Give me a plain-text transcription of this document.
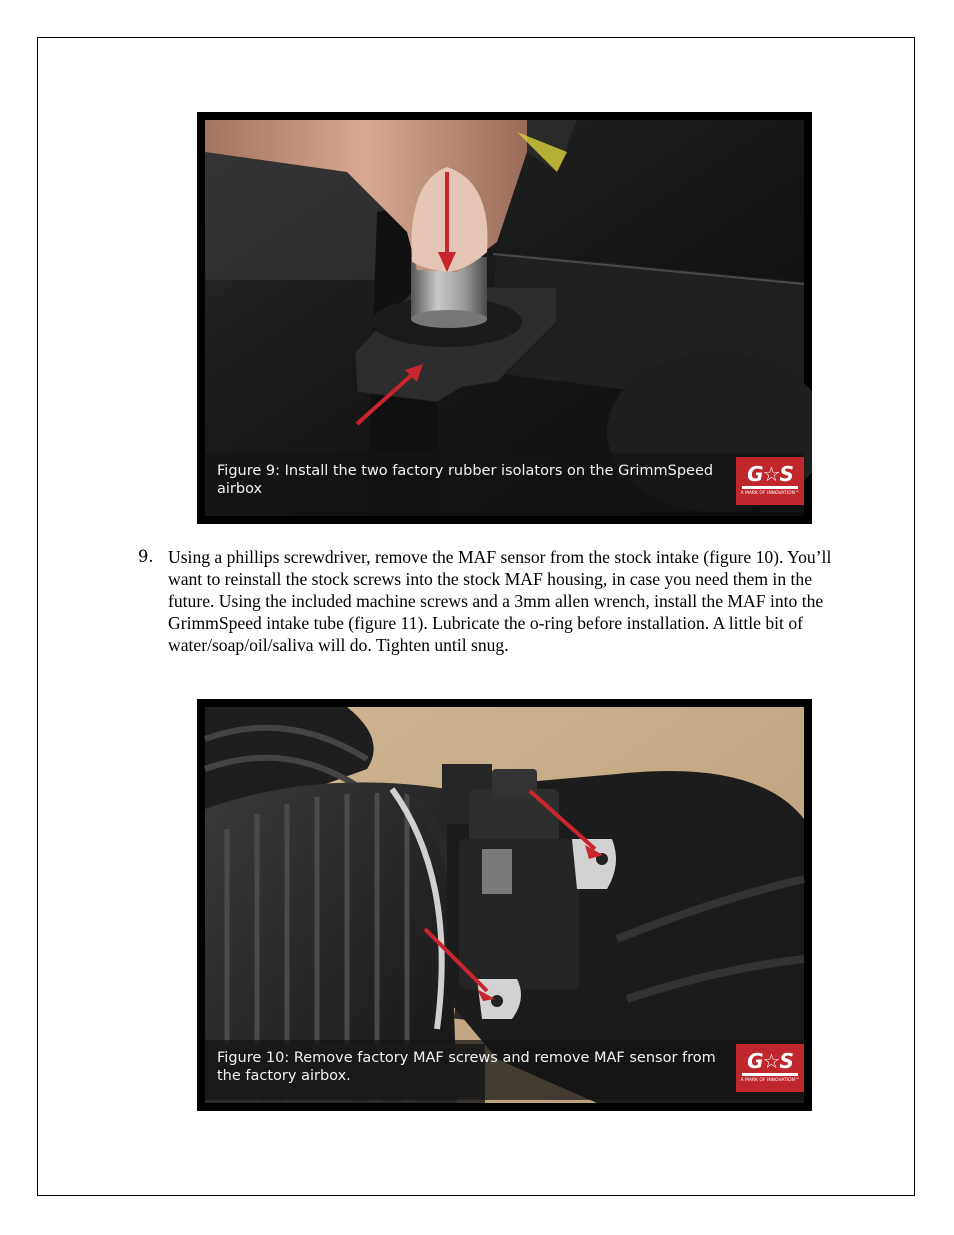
Figure 9: Install the two factory rubber isolators on the GrimmSpeed airbox
G☆S
A MARK OF INNOVATION™
9. Using a phillips screwdriver, remove the MAF sensor from the stock intake (figure 10). You’ll want to reinstall the stock screws into the stock MAF housing, in case you need them in the future. Using the included machine screws and a 3mm allen wrench, install the MAF into the GrimmSpeed intake tube (figure 11). Lubricate the o-ring before installation. A little bit of water/soap/oil/saliva will do. Tighten until snug.
Figure 10: Remove factory MAF screws and remove MAF sensor from the factory airbox.
G☆S
A MARK OF INNOVATION™
